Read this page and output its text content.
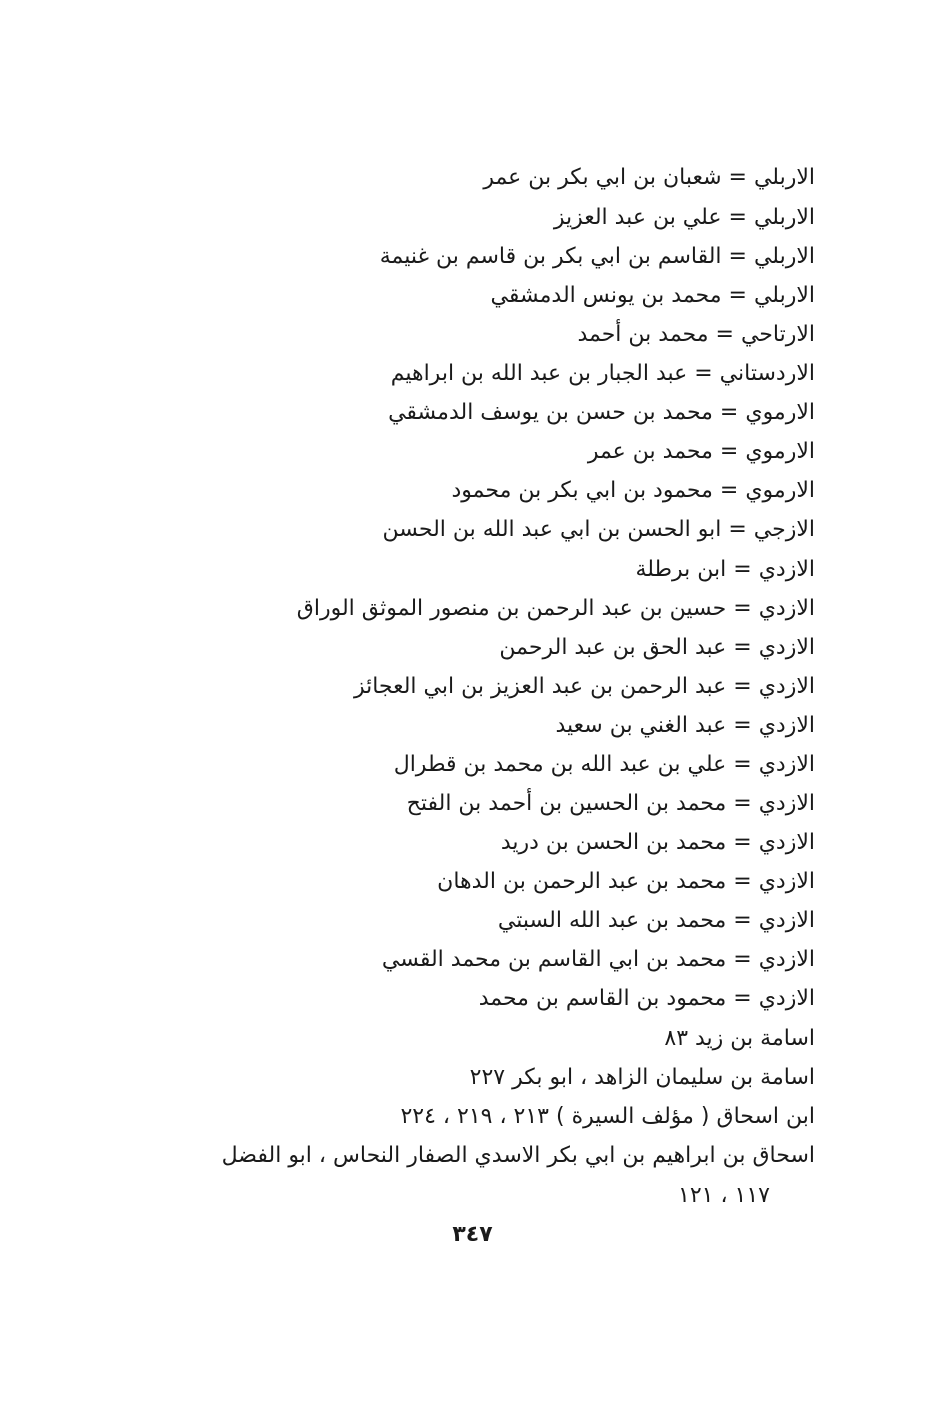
الاربلي = شعبان بن ابي بكر بن عمر
الاربلي = علي بن عبد العزيز
الاربلي = القاسم بن ابي بكر بن قاسم بن غنيمة
الاربلي = محمد بن يونس الدمشقي
الارتاحي = محمد بن أحمد
الاردستاني = عبد الجبار بن عبد الله بن ابراهيم
الارموي = محمد بن حسن بن يوسف الدمشقي
الارموي = محمد بن عمر
الارموي = محمود بن ابي بكر بن محمود
الازجي = ابو الحسن بن ابي عبد الله بن الحسن
الازدي = ابن برطلة
الازدي = حسين بن عبد الرحمن بن منصور الموثق الوراق
الازدي = عبد الحق بن عبد الرحمن
الازدي = عبد الرحمن بن عبد العزيز بن ابي العجائز
الازدي = عبد الغني بن سعيد
الازدي = علي بن عبد الله بن محمد بن قطرال
الازدي = محمد بن الحسين بن أحمد بن الفتح
الازدي = محمد بن الحسن بن دريد
الازدي = محمد بن عبد الرحمن بن الدهان
الازدي = محمد بن عبد الله السبتي
الازدي = محمد بن ابي القاسم بن محمد القسي
الازدي = محمود بن القاسم بن محمد
اسامة بن زيد ٨٣
اسامة بن سليمان الزاهد ، ابو بكر ٢٢٧
ابن اسحاق ( مؤلف السيرة ) ٢١٣ ، ٢١٩ ، ٢٢٤
اسحاق بن ابراهيم بن ابي بكر الاسدي الصفار النحاس ، ابو الفضل
١١٧ ، ١٢١
٣٤٧
